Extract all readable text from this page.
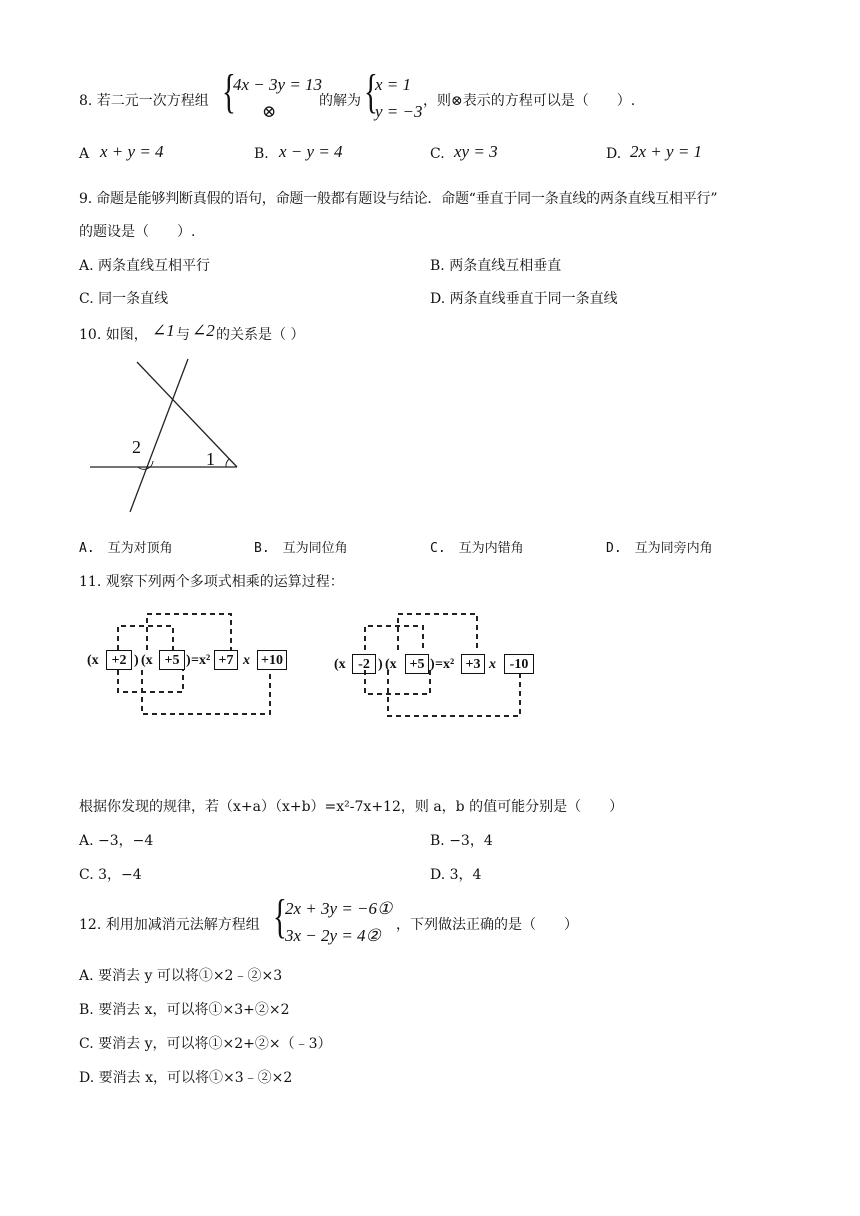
8. 若二元一次方程组 {
4x − 3y = 13
⊗
的解为 {
x = 1
y = −3
，则⊗表示的方程可以是（　　）.
A x + y = 4	B. x − y = 4	C. xy = 3	D. 2x + y = 1
9. 命题是能够判断真假的语句，命题一般都有题设与结论．命题“垂直于同一条直线的两条直线互相平行”
的题设是（　　）.
A. 两条直线互相平行	B. 两条直线互相垂直
C. 同一条直线	D. 两条直线垂直于同一条直线
10. 如图， ∠1 与 ∠2 的关系是（ ）
2
1
A.　互为对顶角	B.　互为同位角	C.　互为内错角	D.　互为同旁内角
11. 观察下列两个多项式相乘的运算过程：
(x +2 ) (x +5 ) =x² +7 x +10	(x -2 ) (x +5 ) =x² +3 x -10
根据你发现的规律，若（x+a）（x+b）=x²-7x+12，则 a，b 的值可能分别是（　　）
A. −3，−4	B. −3，4
C. 3，−4	D. 3，4
12. 利用加减消元法解方程组 {
2x + 3y = −6①
3x − 2y = 4②
，下列做法正确的是（　　）
A. 要消去 y 可以将①×2﹣②×3
B. 要消去 x，可以将①×3+②×2
C. 要消去 y，可以将①×2+②×（﹣3）
D. 要消去 x，可以将①×3﹣②×2
